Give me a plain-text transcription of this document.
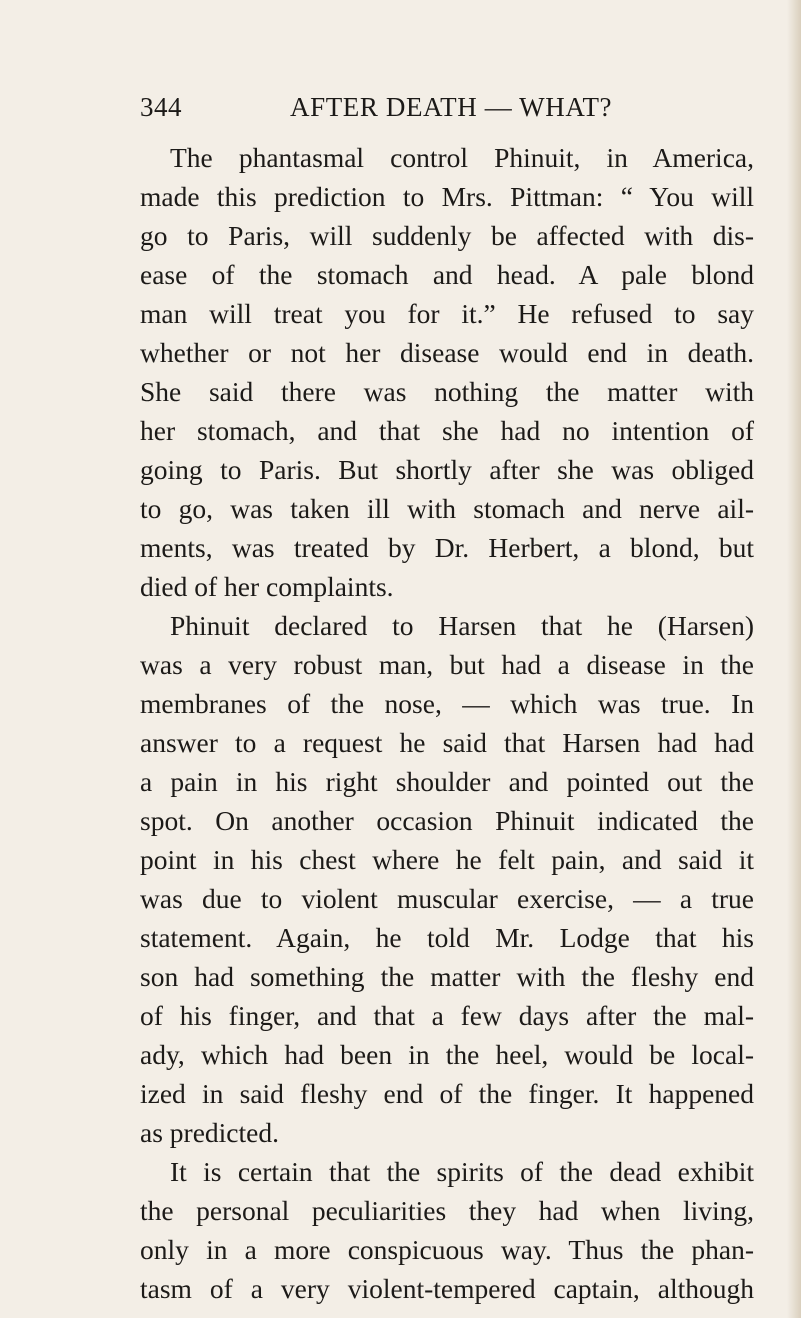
344	AFTER DEATH — WHAT?
The phantasmal control Phinuit, in America,
made this prediction to Mrs. Pittman: “ You will
go to Paris, will suddenly be affected with dis-
ease of the stomach and head. A pale blond
man will treat you for it.” He refused to say
whether or not her disease would end in death.
She said there was nothing the matter with
her stomach, and that she had no intention of
going to Paris. But shortly after she was obliged
to go, was taken ill with stomach and nerve ail-
ments, was treated by Dr. Herbert, a blond, but
died of her complaints.
Phinuit declared to Harsen that he (Harsen)
was a very robust man, but had a disease in the
membranes of the nose, — which was true. In
answer to a request he said that Harsen had had
a pain in his right shoulder and pointed out the
spot. On another occasion Phinuit indicated the
point in his chest where he felt pain, and said it
was due to violent muscular exercise, — a true
statement. Again, he told Mr. Lodge that his
son had something the matter with the fleshy end
of his finger, and that a few days after the mal-
ady, which had been in the heel, would be local-
ized in said fleshy end of the finger. It happened
as predicted.
It is certain that the spirits of the dead exhibit
the personal peculiarities they had when living,
only in a more conspicuous way. Thus the phan-
tasm of a very violent-tempered captain, although
